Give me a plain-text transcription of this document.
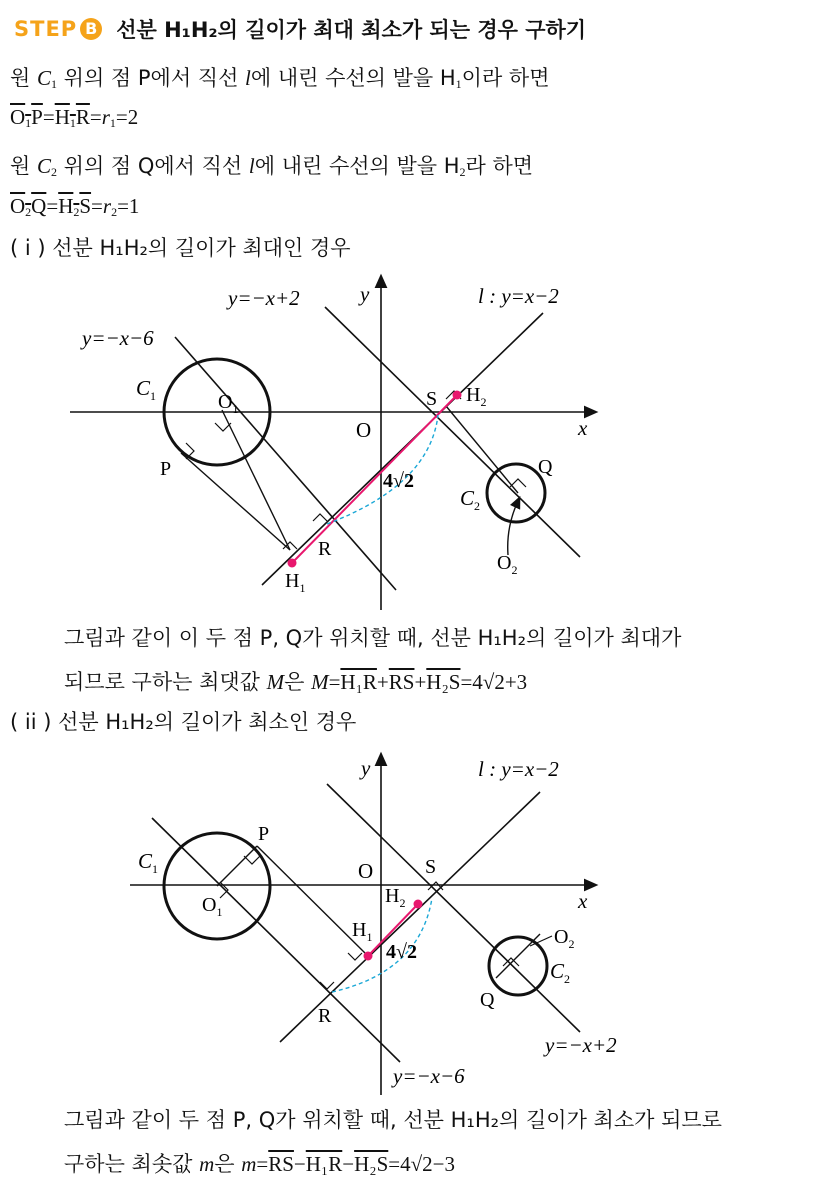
STEP B 선분 H₁H₂의 길이가 최대 최소가 되는 경우 구하기
원 $C_1$ 위의 점 P에서 직선 l에 내린 수선의 발을 $H_1$이라 하면
$O_1P=H_1R=r_1=2$
원 $C_2$ 위의 점 Q에서 직선 l에 내린 수선의 발을 $H_2$라 하면
$O_2Q=H_2S=r_2=1$
( i ) 선분 H₁H₂의 길이가 최대인 경우
y=−x+2
y=−x−6
l : y=x−2
y
x
O
$C_1$	$O_1$
P
R
$H_1$
S $H_2$
Q
$C_2$
$O_2$
4√2
그림과 같이 이 두 점 P, Q가 위치할 때, 선분 H₁H₂의 길이가 최대가
되므로 구하는 최댓값 M은 $M=H_1R+\overline{RS}+H_2S=4√2+3$
( ii ) 선분 H₁H₂의 길이가 최소인 경우
y	l : y=x−2
x
O
$C_1$
$O_1$
P
S
$H_2$
$H_1$
4√2
R
$O_2$
$C_2$
Q
y=−x+2
y=−x−6
그림과 같이 두 점 P, Q가 위치할 때, 선분 H₁H₂의 길이가 최소가 되므로
구하는 최솟값 m은 $m=\overline{RS}-H_1R-H_2S=4√2-3$
